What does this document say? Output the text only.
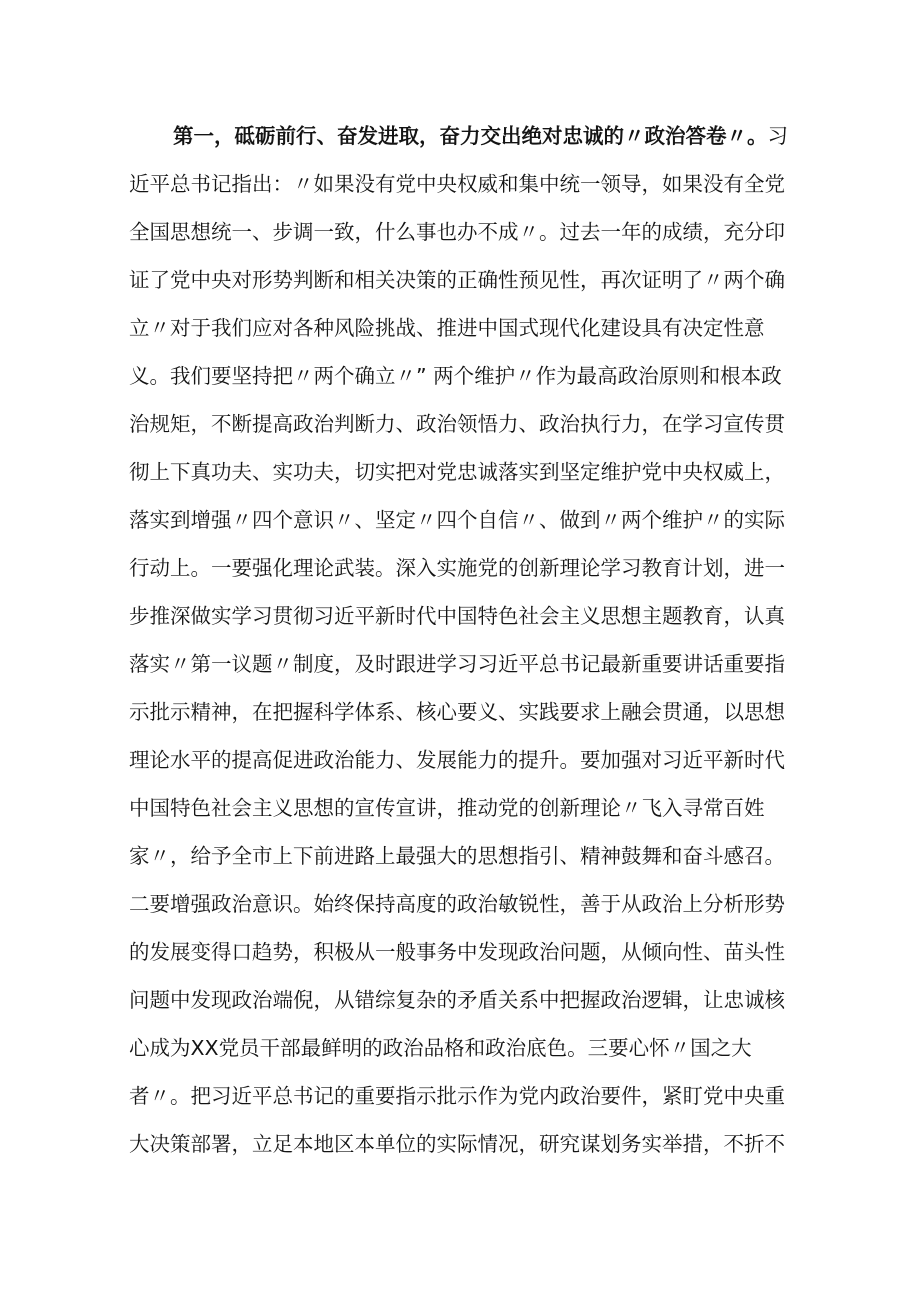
第一，砥砺前行、奋发进取，奋力交出绝对忠诚的〃政治答卷〃。习
近平总书记指出：〃如果没有党中央权威和集中统一领导，如果没有全党
全国思想统一、步调一致，什么事也办不成〃。过去一年的成绩，充分印
证了党中央对形势判断和相关决策的正确性预见性，再次证明了〃两个确
立〃对于我们应对各种风险挑战、推进中国式现代化建设具有决定性意
义。我们要坚持把〃两个确立〃” 两个维护〃作为最高政治原则和根本政
治规矩，不断提高政治判断力、政治领悟力、政治执行力，在学习宣传贯
彻上下真功夫、实功夫，切实把对党忠诚落实到坚定维护党中央权威上，
落实到增强〃四个意识〃、坚定〃四个自信〃、做到〃两个维护〃的实际
行动上。一要强化理论武装。深入实施党的创新理论学习教育计划，进一
步推深做实学习贯彻习近平新时代中国特色社会主义思想主题教育，认真
落实〃第一议题〃制度，及时跟进学习习近平总书记最新重要讲话重要指
示批示精神，在把握科学体系、核心要义、实践要求上融会贯通，以思想
理论水平的提高促进政治能力、发展能力的提升。要加强对习近平新时代
中国特色社会主义思想的宣传宣讲，推动党的创新理论〃飞入寻常百姓
家〃，给予全市上下前进路上最强大的思想指引、精神鼓舞和奋斗感召。
二要增强政治意识。始终保持高度的政治敏锐性，善于从政治上分析形势
的发展变得口趋势，积极从一般事务中发现政治问题，从倾向性、苗头性
问题中发现政治端倪，从错综复杂的矛盾关系中把握政治逻辑，让忠诚核
心成为XX党员干部最鲜明的政治品格和政治底色。三要心怀〃国之大
者〃。把习近平总书记的重要指示批示作为党内政治要件，紧盯党中央重
大决策部署，立足本地区本单位的实际情况，研究谋划务实举措，不折不
